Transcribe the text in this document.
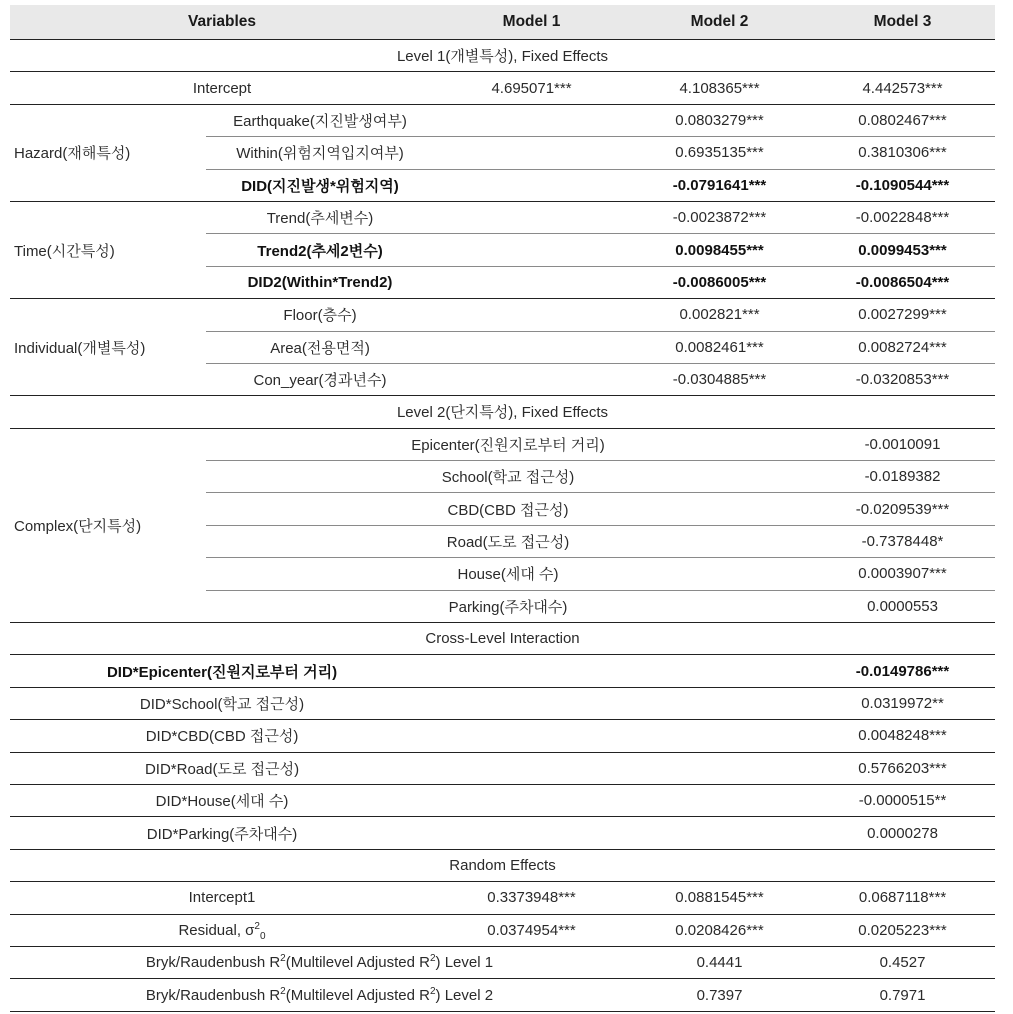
Variables		Model 1	Model 2	Model 3
Level 1(개별특성), Fixed Effects				
Intercept		4.695071***	4.108365***	4.442573***
Hazard(재해특성)	Earthquake(지진발생여부)		0.0803279***	0.0802467***
	Within(위험지역입지여부)		0.6935135***	0.3810306***
	DID(지진발생*위험지역)		-0.0791641***	-0.1090544***
Time(시간특성)	Trend(추세변수)		-0.0023872***	-0.0022848***
	Trend2(추세2변수)		0.0098455***	0.0099453***
	DID2(Within*Trend2)		-0.0086005***	-0.0086504***
Individual(개별특성)	Floor(층수)		0.002821***	0.0027299***
	Area(전용면적)		0.0082461***	0.0082724***
	Con_year(경과년수)		-0.0304885***	-0.0320853***
Level 2(단지특성), Fixed Effects				
Complex(단지특성)	Epicenter(진원지로부터 거리)			-0.0010091
	School(학교 접근성)			-0.0189382
	CBD(CBD 접근성)			-0.0209539***
	Road(도로 접근성)			-0.7378448*
	House(세대 수)			0.0003907***
	Parking(주차대수)			0.0000553
Cross-Level Interaction				
DID*Epicenter(진원지로부터 거리)				-0.0149786***
DID*School(학교 접근성)				0.0319972**
DID*CBD(CBD 접근성)				0.0048248***
DID*Road(도로 접근성)				0.5766203***
DID*House(세대 수)				-0.0000515**
DID*Parking(주차대수)				0.0000278
Random Effects				
Intercept1		0.3373948***	0.0881545***	0.0687118***
Residual, $\sigma^2_0$		0.0374954***	0.0208426***	0.0205223***
Bryk/Raudenbush $R^2(Multilevel$ Adjusted $R^2$) Level 1			0.4441	0.4527
Bryk/Raudenbush $R^2(Multilevel$ Adjusted $R^2$) Level 2			0.7397	0.7971
